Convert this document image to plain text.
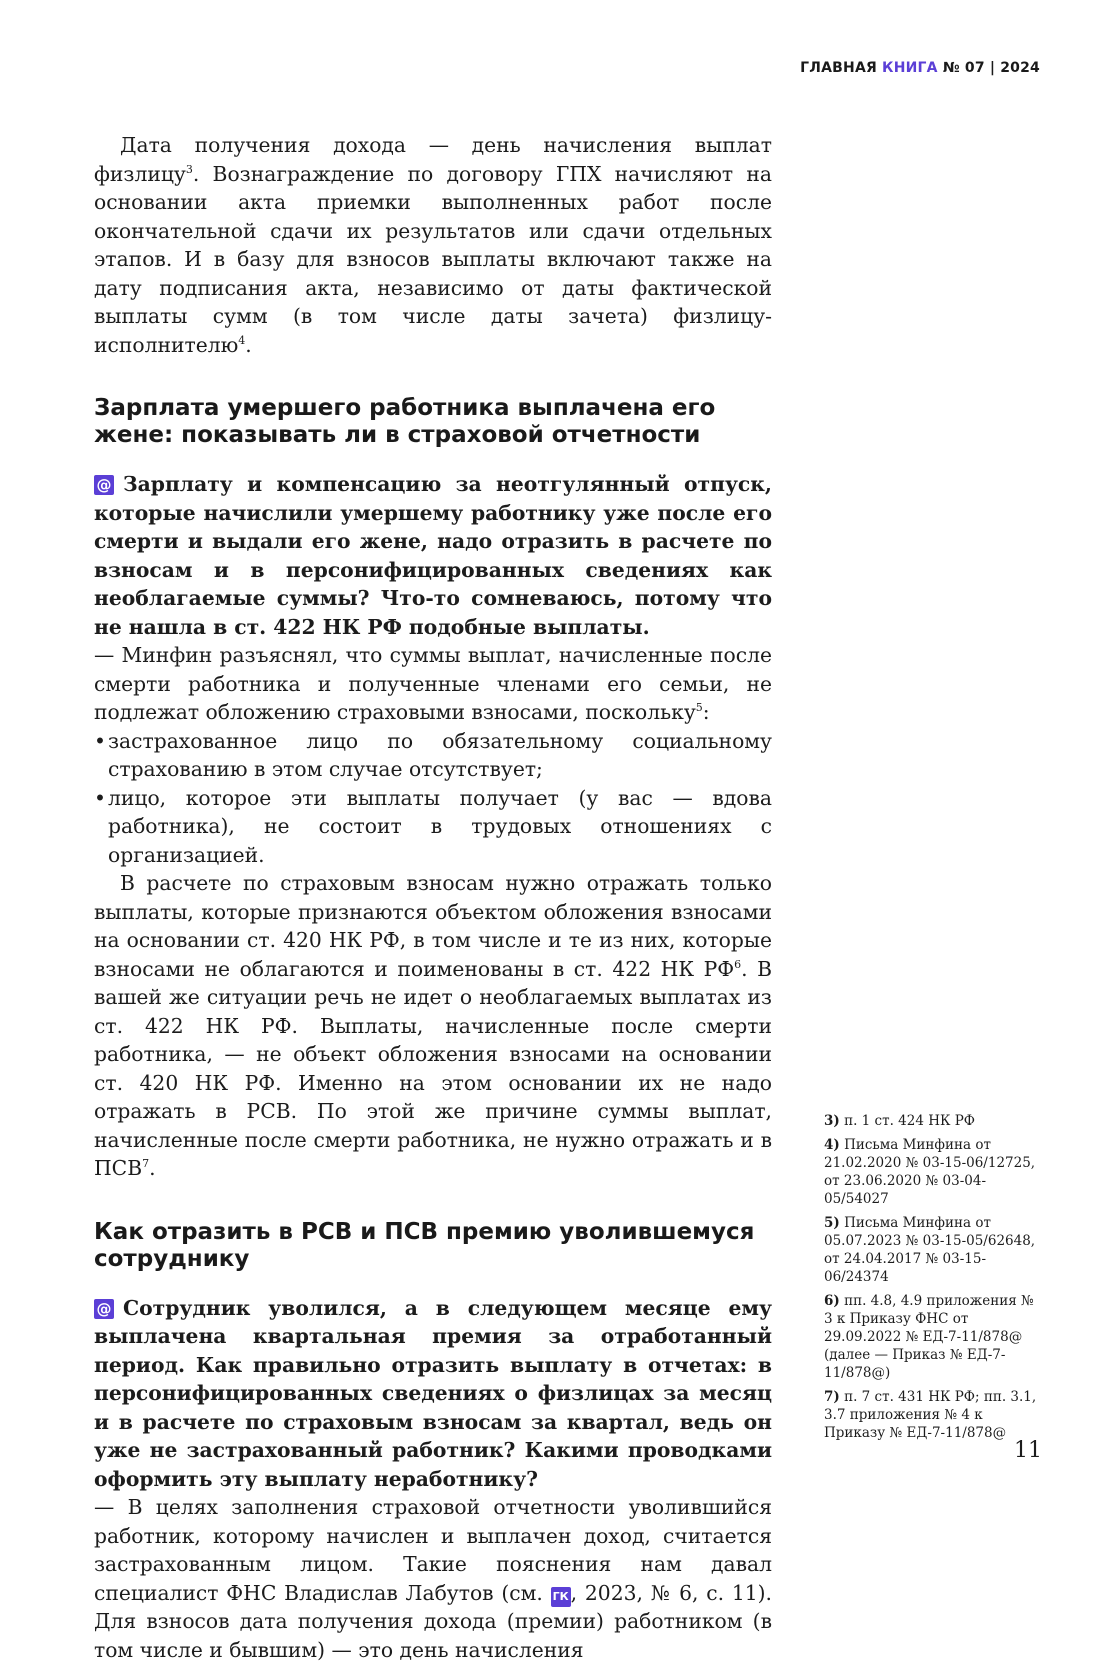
ГЛАВНАЯ КНИГА № 07 | 2024

Дата получения дохода — день начисления выплат физлицу$^3$. Вознаграждение по договору ГПХ начисляют на основании акта приемки выполненных работ после окончательной сдачи их результатов или сдачи отдельных этапов. И в базу для взносов выплаты включают также на дату подписания акта, независимо от даты фактической выплаты сумм (в том числе даты зачета) физлицу-исполнителю$^4$.

Зарплата умершего работника выплачена его жене: показывать ли в страховой отчетности

@ Зарплату и компенсацию за неотгулянный отпуск, которые начислили умершему работнику уже после его смерти и выдали его жене, надо отразить в расчете по взносам и в персонифицированных сведениях как необлагаемые суммы? Что-то сомневаюсь, потому что не нашла в ст. 422 НК РФ подобные выплаты.

— Минфин разъяснял, что суммы выплат, начисленные после смерти работника и полученные членами его семьи, не подлежат обложению страховыми взносами, поскольку$^5$:

• застрахованное лицо по обязательному социальному страхованию в этом случае отсутствует;
• лицо, которое эти выплаты получает (у вас — вдова работника), не состоит в трудовых отношениях с организацией.

В расчете по страховым взносам нужно отражать только выплаты, которые признаются объектом обложения взносами на основании ст. 420 НК РФ, в том числе и те из них, которые взносами не облагаются и поименованы в ст. 422 НК $РФ^6$. В вашей же ситуации речь не идет о необлагаемых выплатах из ст. 422 НК РФ. Выплаты, начисленные после смерти работника, — не объект обложения взносами на основании ст. 420 НК РФ. Именно на этом основании их не надо отражать в РСВ. По этой же причине суммы выплат, начисленные после смерти работника, не нужно отражать и в ПСВ$^7$.

Как отразить в РСВ и ПСВ премию уволившемуся сотруднику

@ Сотрудник уволился, а в следующем месяце ему выплачена квартальная премия за отработанный период. Как правильно отразить выплату в отчетах: в персонифицированных сведениях о физлицах за месяц и в расчете по страховым взносам за квартал, ведь он уже не застрахованный работник? Какими проводками оформить эту выплату неработнику?

— В целях заполнения страховой отчетности уволившийся работник, которому начислен и выплачен доход, считается застрахованным лицом. Такие пояснения нам давал специалист ФНС Владислав Лабутов (см. ГК, 2023, № 6, с. 11). Для взносов дата получения дохода (премии) работником (в том числе и бывшим) — это день начисления

3) п. 1 ст. 424 НК РФ
4) Письма Минфина от 21.02.2020 № 03-15-06/12725, от 23.06.2020 № 03-04-05/54027
5) Письма Минфина от 05.07.2023 № 03-15-05/62648, от 24.04.2017 № 03-15-06/24374
6) пп. 4.8, 4.9 приложения № 3 к Приказу ФНС от 29.09.2022 № ЕД-7-11/878@ (далее — Приказ № ЕД-7-11/878@)
7) п. 7 ст. 431 НК РФ; пп. 3.1, 3.7 приложения № 4 к Приказу № ЕД-7-11/878@
11
